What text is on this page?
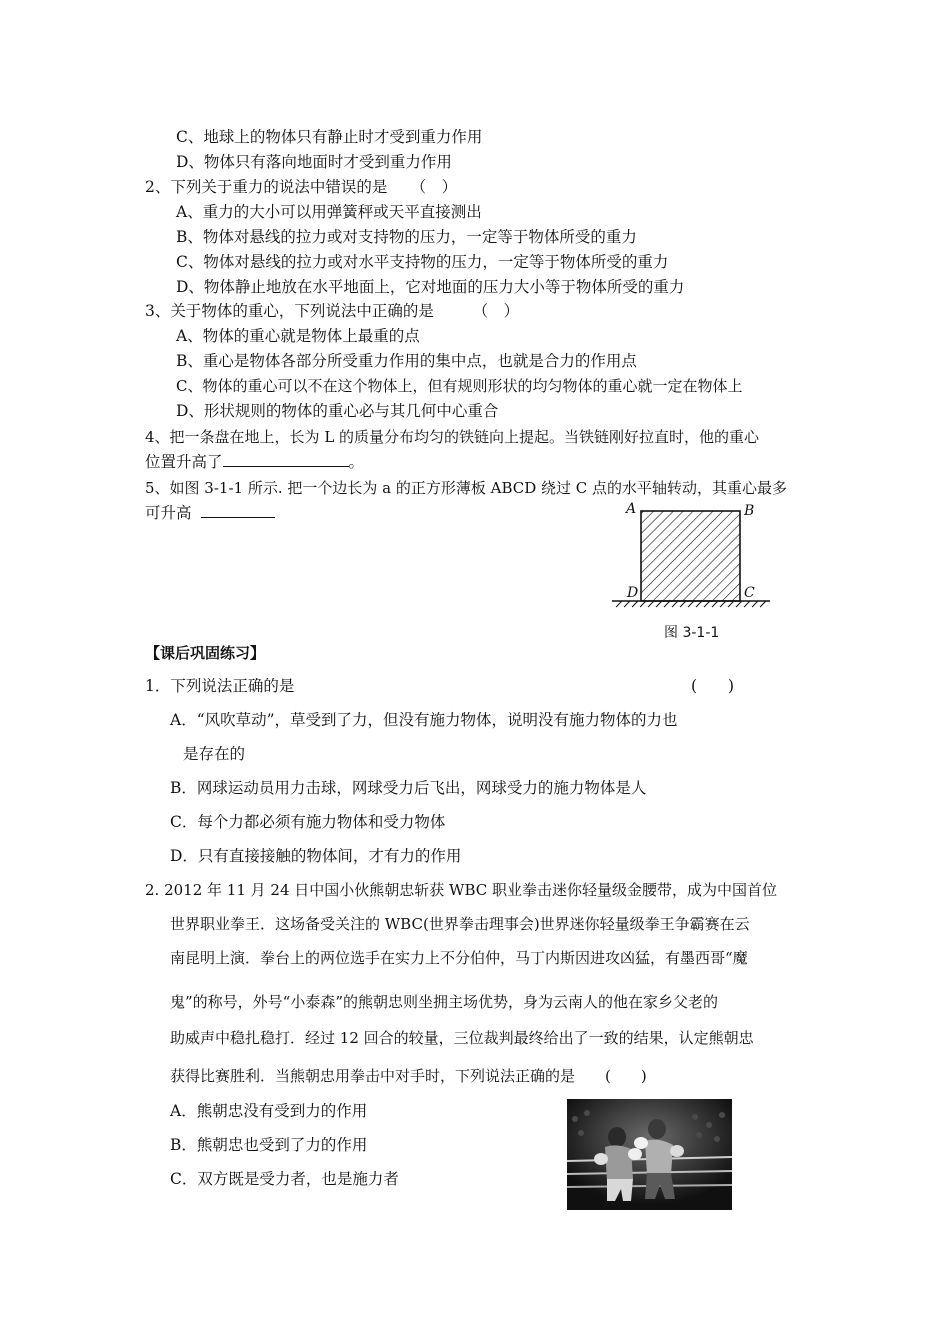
C、地球上的物体只有静止时才受到重力作用
D、物体只有落向地面时才受到重力作用
2、下列关于重力的说法中错误的是　　（　）
A、重力的大小可以用弹簧秤或天平直接测出
B、物体对悬线的拉力或对支持物的压力，一定等于物体所受的重力
C、物体对悬线的拉力或对水平支持物的压力，一定等于物体所受的重力
D、物体静止地放在水平地面上，它对地面的压力大小等于物体所受的重力
3、关于物体的重心，下列说法中正确的是　　　（　）
A、物体的重心就是物体上最重的点
B、重心是物体各部分所受重力作用的集中点，也就是合力的作用点
C、物体的重心可以不在这个物体上，但有规则形状的均匀物体的重心就一定在物体上
D、形状规则的物体的重心必与其几何中心重合
4、把一条盘在地上，长为 L 的质量分布均匀的铁链向上提起。当铁链刚好拉直时，他的重心
位置升高了	。
5、如图 3-1-1 所示. 把一个边长为 a 的正方形薄板 ABCD 绕过 C 点的水平轴转动，其重心最多
可升高	A	B
D	C
图 3-1-1
【课后巩固练习】
1．下列说法正确的是	(　　)
A．“风吹草动”，草受到了力，但没有施力物体，说明没有施力物体的力也
是存在的
B．网球运动员用力击球，网球受力后飞出，网球受力的施力物体是人
C．每个力都必须有施力物体和受力物体
D．只有直接接触的物体间，才有力的作用
2. 2012 年 11 月 24 日中国小伙熊朝忠斩获 WBC 职业拳击迷你轻量级金腰带，成为中国首位
世界职业拳王．这场备受关注的 WBC(世界拳击理事会)世界迷你轻量级拳王争霸赛在云
南昆明上演．拳台上的两位选手在实力上不分伯仲，马丁内斯因进攻凶猛，有墨西哥“魔
鬼”的称号，外号“小泰森”的熊朝忠则坐拥主场优势，身为云南人的他在家乡父老的
助威声中稳扎稳打．经过 12 回合的较量，三位裁判最终给出了一致的结果，认定熊朝忠
获得比赛胜利．当熊朝忠用拳击中对手时，下列说法正确的是　　(　　)
A．熊朝忠没有受到力的作用
B．熊朝忠也受到了力的作用
C．双方既是受力者，也是施力者
